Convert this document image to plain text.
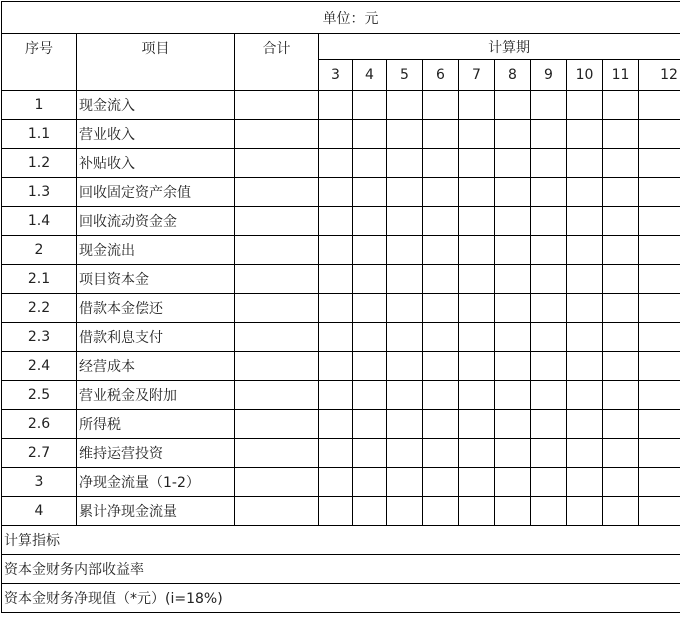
单位：元												
序号	项目	合计	计算期									
			3	4	5	6	7	8	9	10	11	12
1	现金流入											
1.1	营业收入											
1.2	补贴收入											
1.3	回收固定资产余值											
1.4	回收流动资金金											
2	现金流出											
2.1	项目资本金											
2.2	借款本金偿还											
2.3	借款利息支付											
2.4	经营成本											
2.5	营业税金及附加											
2.6	所得税											
2.7	维持运营投资											
3	净现金流量（1-2）											
4	累计净现金流量											
计算指标												
资本金财务内部收益率												
资本金财务净现值（*元）(i=18%)												
